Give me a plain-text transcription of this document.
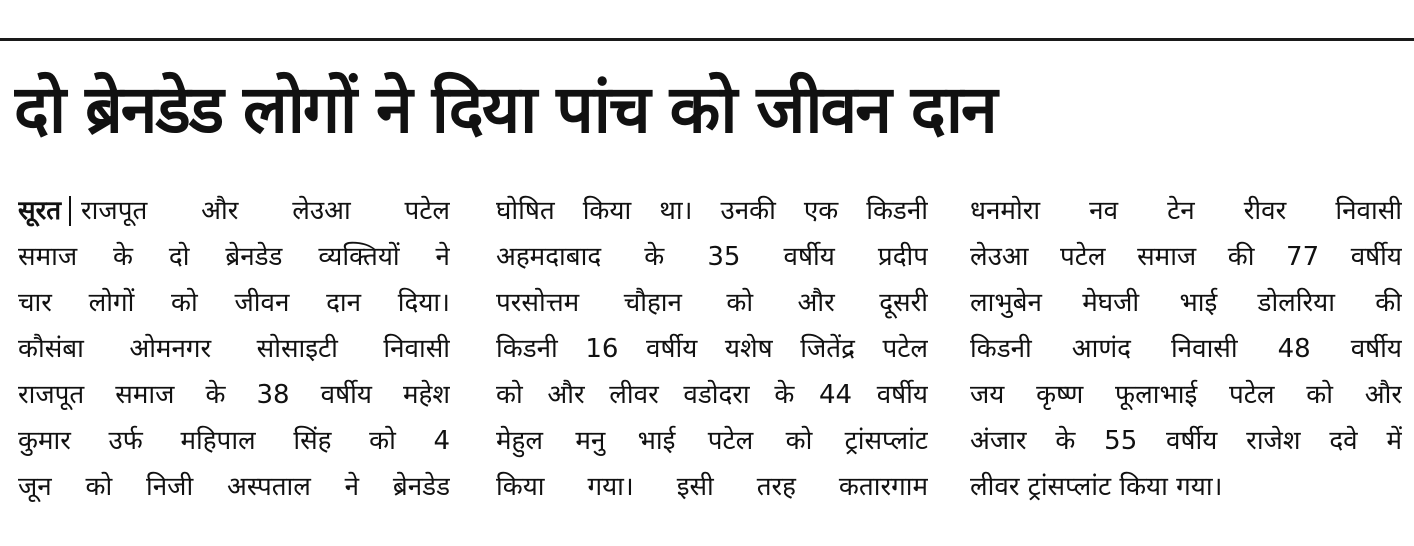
दो ब्रेनडेड लोगों ने दिया पांच को जीवन दान
सूरत राजपूत और लेउआ पटेल
समाज के दो ब्रेनडेड व्यक्तियों ने
चार लोगों को जीवन दान दिया।
कौसंबा ओमनगर सोसाइटी निवासी
राजपूत समाज के 38 वर्षीय महेश
कुमार उर्फ महिपाल सिंह को 4
जून को निजी अस्पताल ने ब्रेनडेड
घोषित किया था। उनकी एक किडनी
अहमदाबाद के 35 वर्षीय प्रदीप
परसोत्तम चौहान को और दूसरी
किडनी 16 वर्षीय यशेष जितेंद्र पटेल
को और लीवर वडोदरा के 44 वर्षीय
मेहुल मनु भाई पटेल को ट्रांसप्लांट
किया गया। इसी तरह कतारगाम
धनमोरा नव टेन रीवर निवासी
लेउआ पटेल समाज की 77 वर्षीय
लाभुबेन मेघजी भाई डोलरिया की
किडनी आणंद निवासी 48 वर्षीय
जय कृष्ण फूलाभाई पटेल को और
अंजार के 55 वर्षीय राजेश दवे में
लीवर ट्रांसप्लांट किया गया।
